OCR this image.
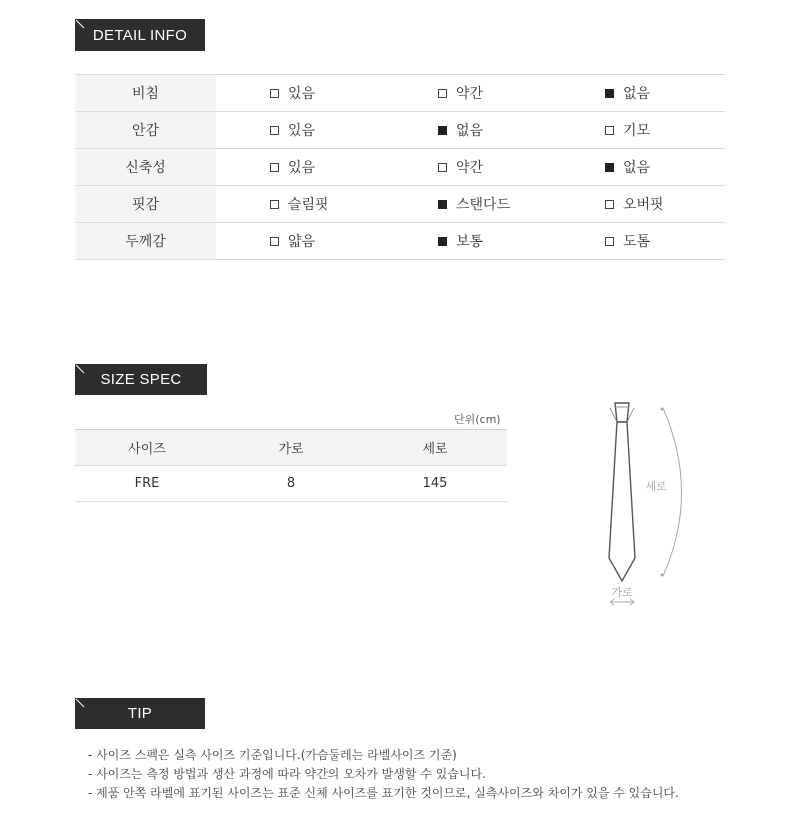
DETAIL INFO
비침	있음	약간	없음
안감	있음	없음	기모
신축성	있음	약간	없음
핏감	슬림핏	스탠다드	오버핏
두께감	얇음	보통	도톰
SIZE SPEC
단위(cm)
사이즈	가로	세로
FRE	8	145
가로
세로
TIP
- 사이즈 스펙은 실측 사이즈 기준입니다.(가슴둘레는 라벨사이즈 기준)
- 사이즈는 측정 방법과 생산 과정에 따라 약간의 오차가 발생할 수 있습니다.
- 제품 안쪽 라벨에 표기된 사이즈는 표준 신체 사이즈를 표기한 것이므로, 실측사이즈와 차이가 있을 수 있습니다.
